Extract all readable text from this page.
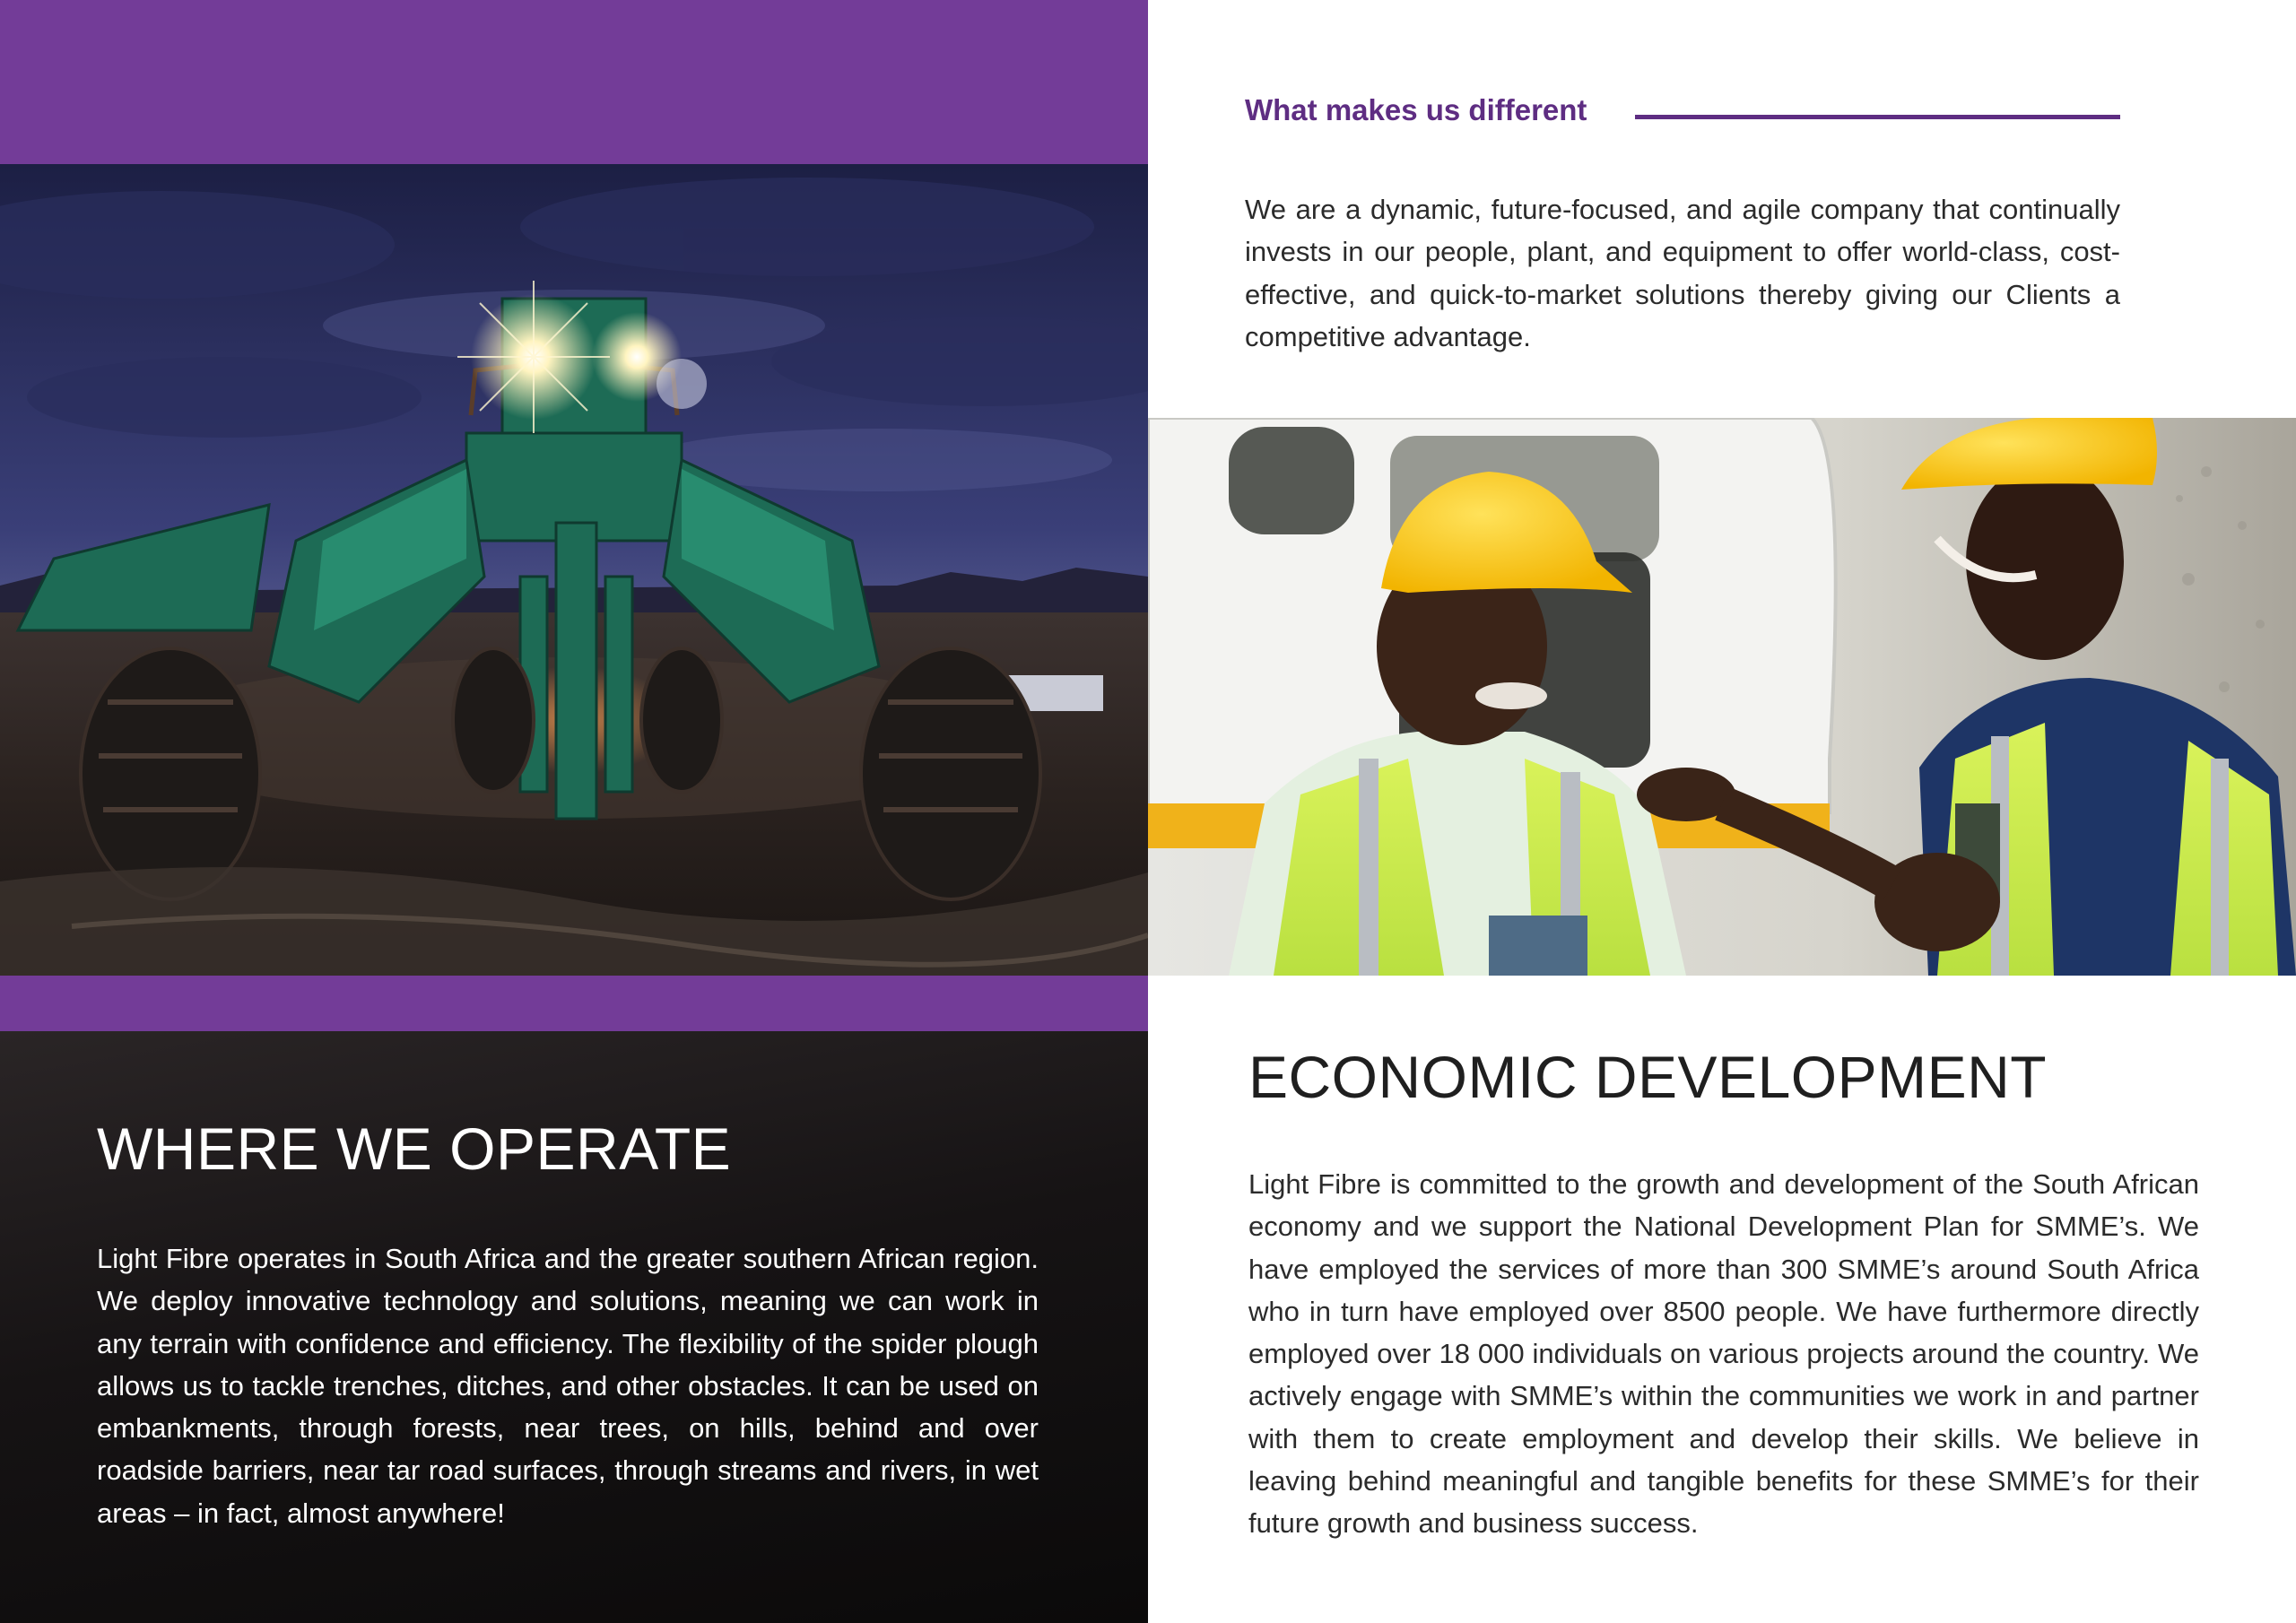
WHERE WE OPERATE
Light Fibre operates in South Africa and the greater southern African region. We deploy innovative technology and solutions, meaning we can work in any terrain with confidence and efficiency. The flexibility of the spider plough allows us to tackle trenches, ditches, and other obstacles. It can be used on embankments, through forests, near trees, on hills, behind and over roadside barriers, near tar road surfaces, through streams and rivers, in wet areas – in fact, almost anywhere!
What makes us different
We are a dynamic, future-focused, and agile company that continually invests in our people, plant, and equipment to offer world-class, cost-effective, and quick-to-market solutions thereby giving our Clients a competitive advantage.
ECONOMIC DEVELOPMENT
Light Fibre is committed to the growth and development of the South African economy and we support the National Development Plan for SMME’s. We have employed the services of more than 300 SMME’s around South Africa who in turn have employed over 8500 people. We have furthermore directly employed over 18 000 individuals on various projects around the country. We actively engage with SMME’s within the communities we work in and partner with them to create employment and develop their skills. We believe in leaving behind meaningful and tangible benefits for these SMME’s for their future growth and business success.
